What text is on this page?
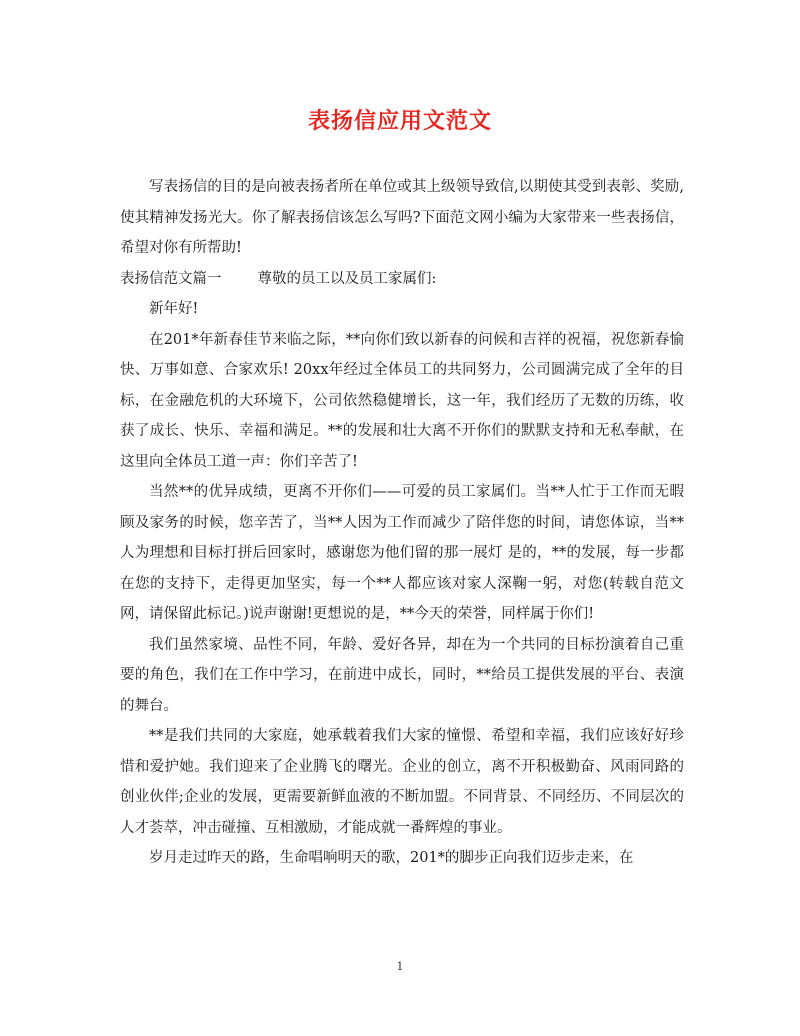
表扬信应用文范文

写表扬信的目的是向被表扬者所在单位或其上级领导致信,以期使其受到表彰、奖励,使其精神发扬光大。你了解表扬信该怎么写吗?下面范文网小编为大家带来一些表扬信，希望对你有所帮助!

表扬信范文篇一 尊敬的员工以及员工家属们:

新年好!

在201*年新春佳节来临之际，**向你们致以新春的问候和吉祥的祝福，祝您新春愉快、万事如意、合家欢乐! 20xx年经过全体员工的共同努力，公司圆满完成了全年的目标，在金融危机的大环境下，公司依然稳健增长，这一年，我们经历了无数的历练，收获了成长、快乐、幸福和满足。**的发展和壮大离不开你们的默默支持和无私奉献，在这里向全体员工道一声：你们辛苦了!

当然**的优异成绩，更离不开你们——可爱的员工家属们。当**人忙于工作而无暇顾及家务的时候，您辛苦了，当**人因为工作而减少了陪伴您的时间，请您体谅，当**人为理想和目标打拼后回家时，感谢您为他们留的那一展灯 是的，**的发展，每一步都在您的支持下，走得更加坚实，每一个**人都应该对家人深鞠一躬，对您(转载自范文网，请保留此标记。)说声谢谢!更想说的是，**今天的荣誉，同样属于你们!

我们虽然家境、品性不同，年龄、爱好各异，却在为一个共同的目标扮演着自己重要的角色，我们在工作中学习，在前进中成长，同时，**给员工提供发展的平台、表演的舞台。

**是我们共同的大家庭，她承载着我们大家的憧憬、希望和幸福，我们应该好好珍惜和爱护她。我们迎来了企业腾飞的曙光。企业的创立，离不开积极勤奋、风雨同路的创业伙伴;企业的发展，更需要新鲜血液的不断加盟。不同背景、不同经历、不同层次的人才荟萃，冲击碰撞、互相激励，才能成就一番辉煌的事业。

岁月走过昨天的路，生命唱响明天的歌，201*的脚步正向我们迈步走来，在

1
